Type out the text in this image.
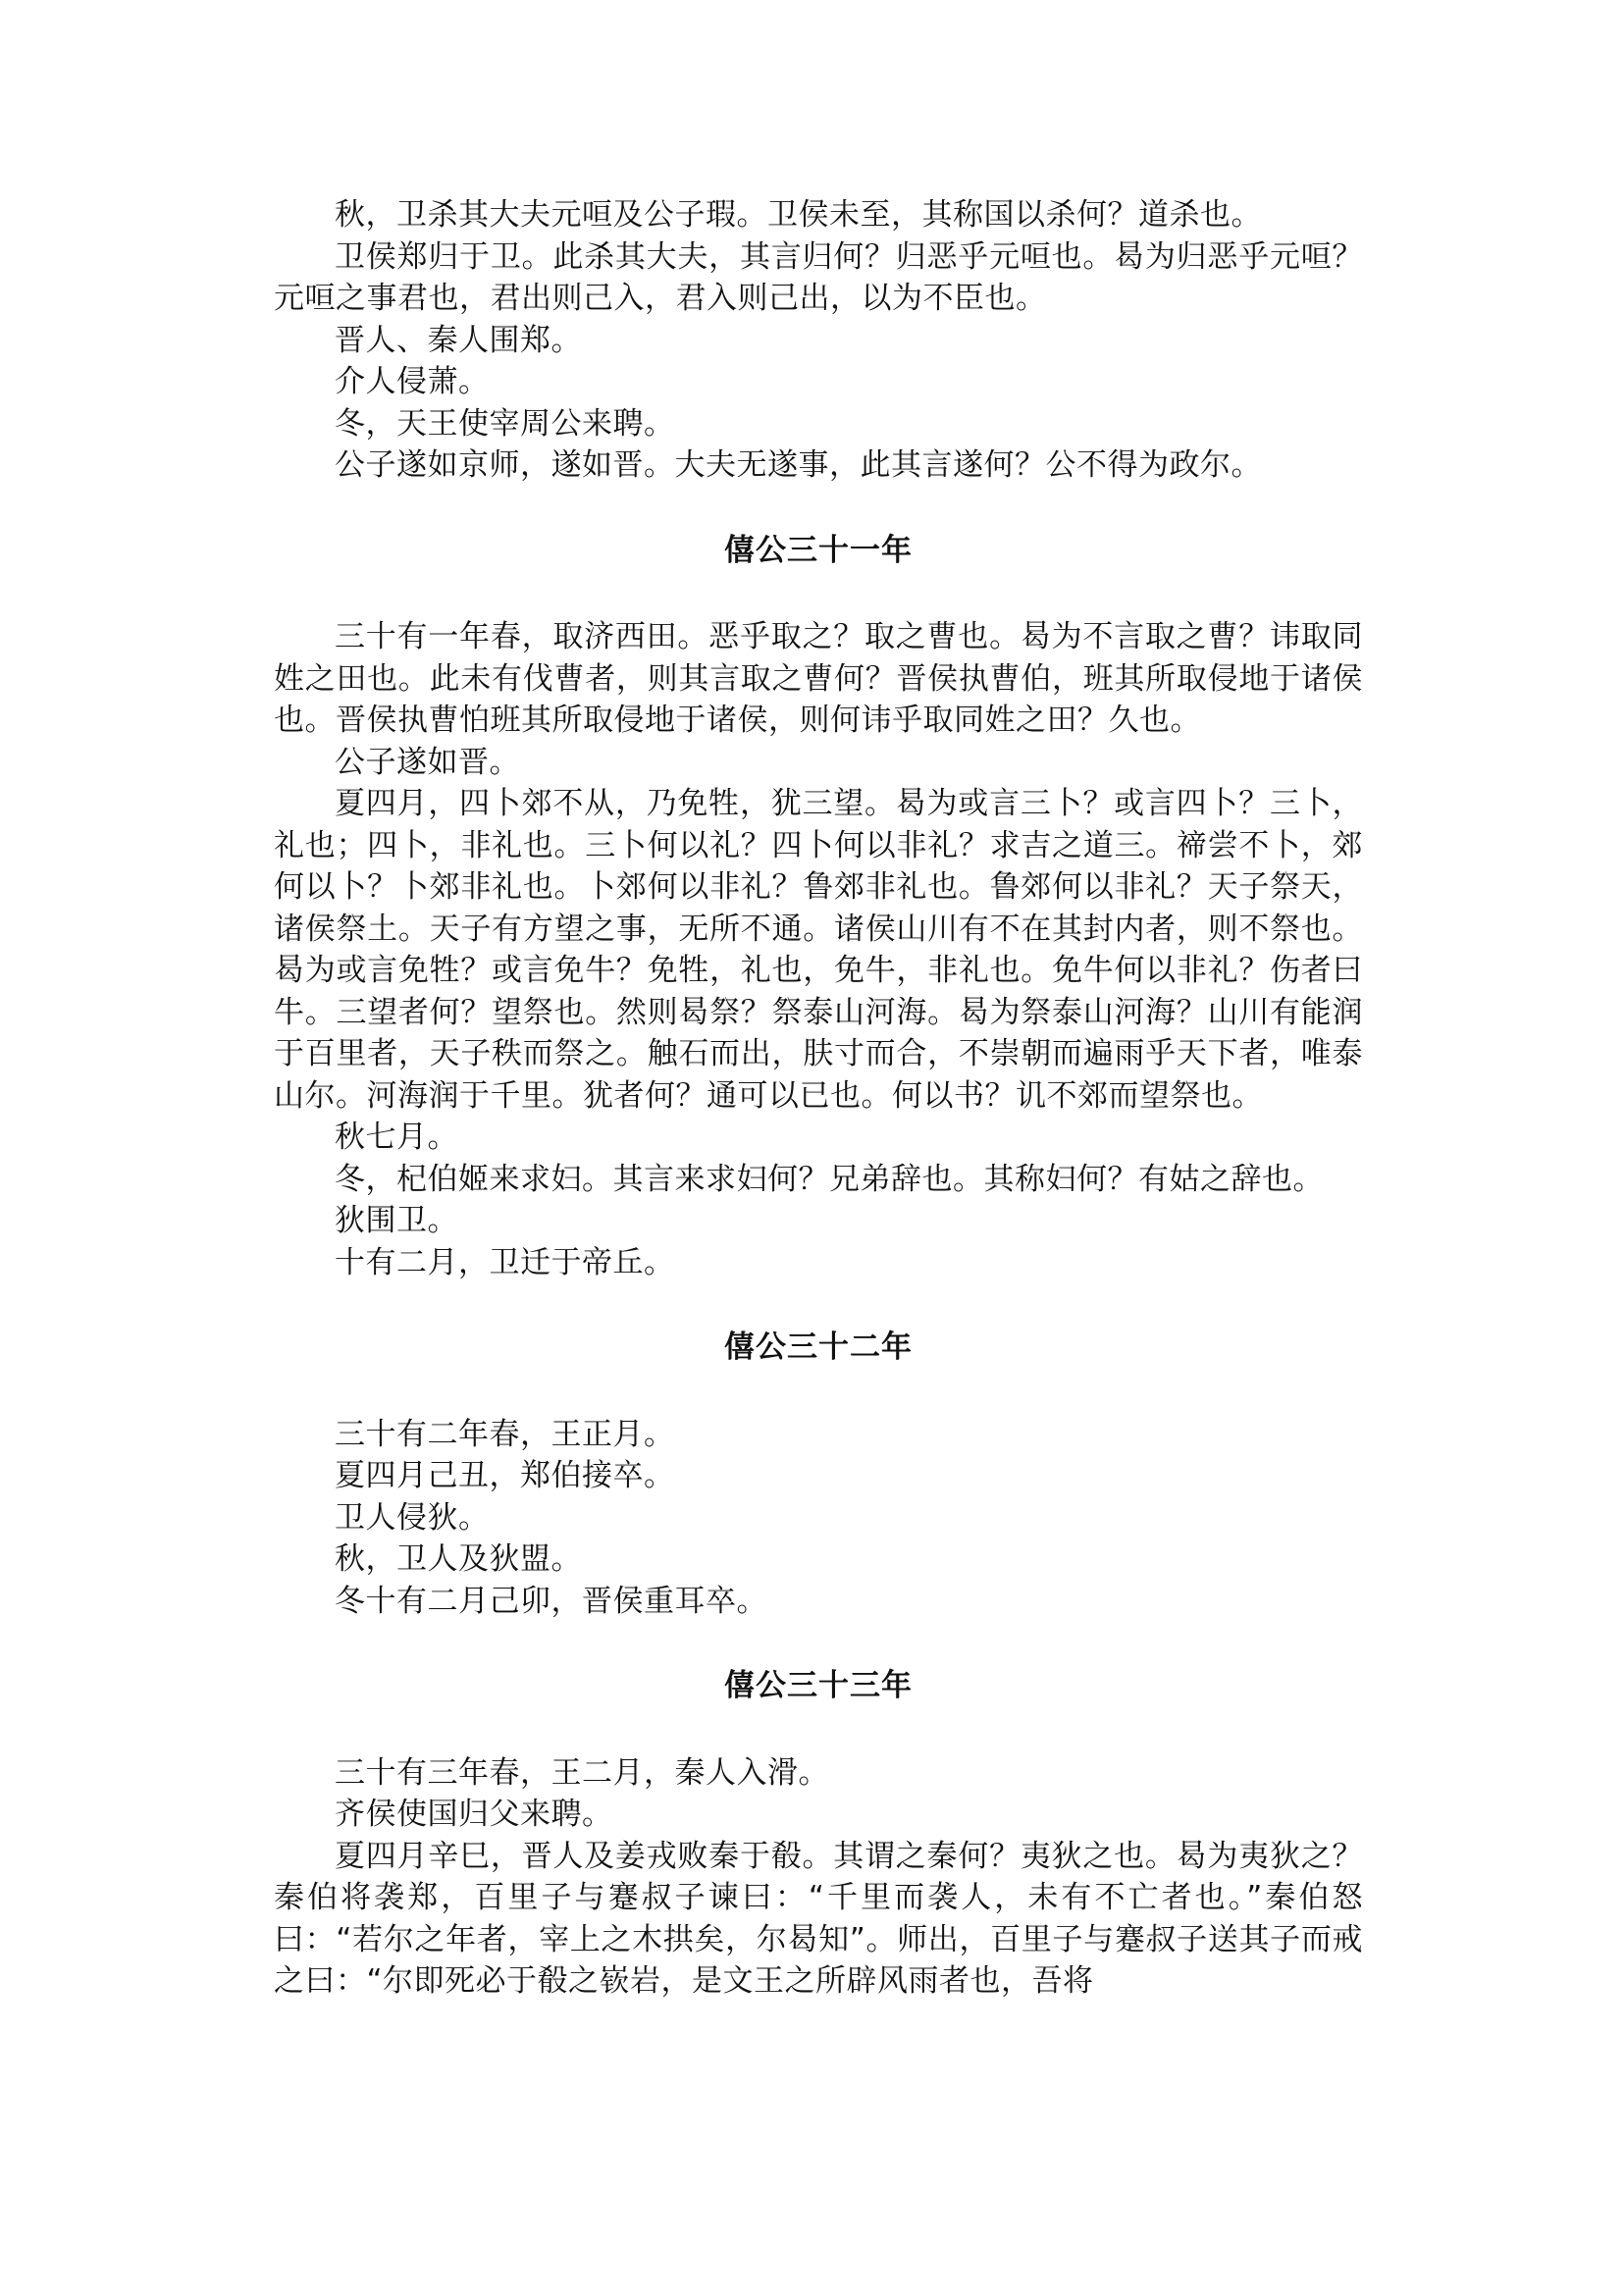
秋，卫杀其大夫元咺及公子瑕。卫侯未至，其称国以杀何？道杀也。

卫侯郑归于卫。此杀其大夫，其言归何？归恶乎元咺也。曷为归恶乎元咺？元咺之事君也，君出则己入，君入则己出，以为不臣也。

晋人、秦人围郑。

介人侵萧。

冬，天王使宰周公来聘。

公子遂如京师，遂如晋。大夫无遂事，此其言遂何？公不得为政尔。

僖公三十一年

三十有一年春，取济西田。恶乎取之？取之曹也。曷为不言取之曹？讳取同姓之田也。此未有伐曹者，则其言取之曹何？晋侯执曹伯，班其所取侵地于诸侯也。晋侯执曹怕班其所取侵地于诸侯，则何讳乎取同姓之田？久也。

公子遂如晋。

夏四月，四卜郊不从，乃免牲，犹三望。曷为或言三卜？或言四卜？三卜，礼也；四卜，非礼也。三卜何以礼？四卜何以非礼？求吉之道三。禘尝不卜，郊何以卜？卜郊非礼也。卜郊何以非礼？鲁郊非礼也。鲁郊何以非礼？天子祭天，诸侯祭土。天子有方望之事，无所不通。诸侯山川有不在其封内者，则不祭也。曷为或言免牲？或言免牛？免牲，礼也，免牛，非礼也。免牛何以非礼？伤者曰牛。三望者何？望祭也。然则曷祭？祭泰山河海。曷为祭泰山河海？山川有能润于百里者，天子秩而祭之。触石而出，肤寸而合，不崇朝而遍雨乎天下者，唯泰山尔。河海润于千里。犹者何？通可以已也。何以书？讥不郊而望祭也。

秋七月。

冬，杞伯姬来求妇。其言来求妇何？兄弟辞也。其称妇何？有姑之辞也。

狄围卫。

十有二月，卫迁于帝丘。

僖公三十二年

三十有二年春，王正月。

夏四月己丑，郑伯接卒。

卫人侵狄。

秋，卫人及狄盟。

冬十有二月己卯，晋侯重耳卒。

僖公三十三年

三十有三年春，王二月，秦人入滑。

齐侯使国归父来聘。

夏四月辛巳，晋人及姜戎败秦于殽。其谓之秦何？夷狄之也。曷为夷狄之？秦伯将袭郑，百里子与蹇叔子谏曰：“千里而袭人，未有不亡者也。”秦伯怒曰：“若尔之年者，宰上之木拱矣，尔曷知”。师出，百里子与蹇叔子送其子而戒之曰：“尔即死必于殽之嵚岩，是文王之所辟风雨者也，吾将
